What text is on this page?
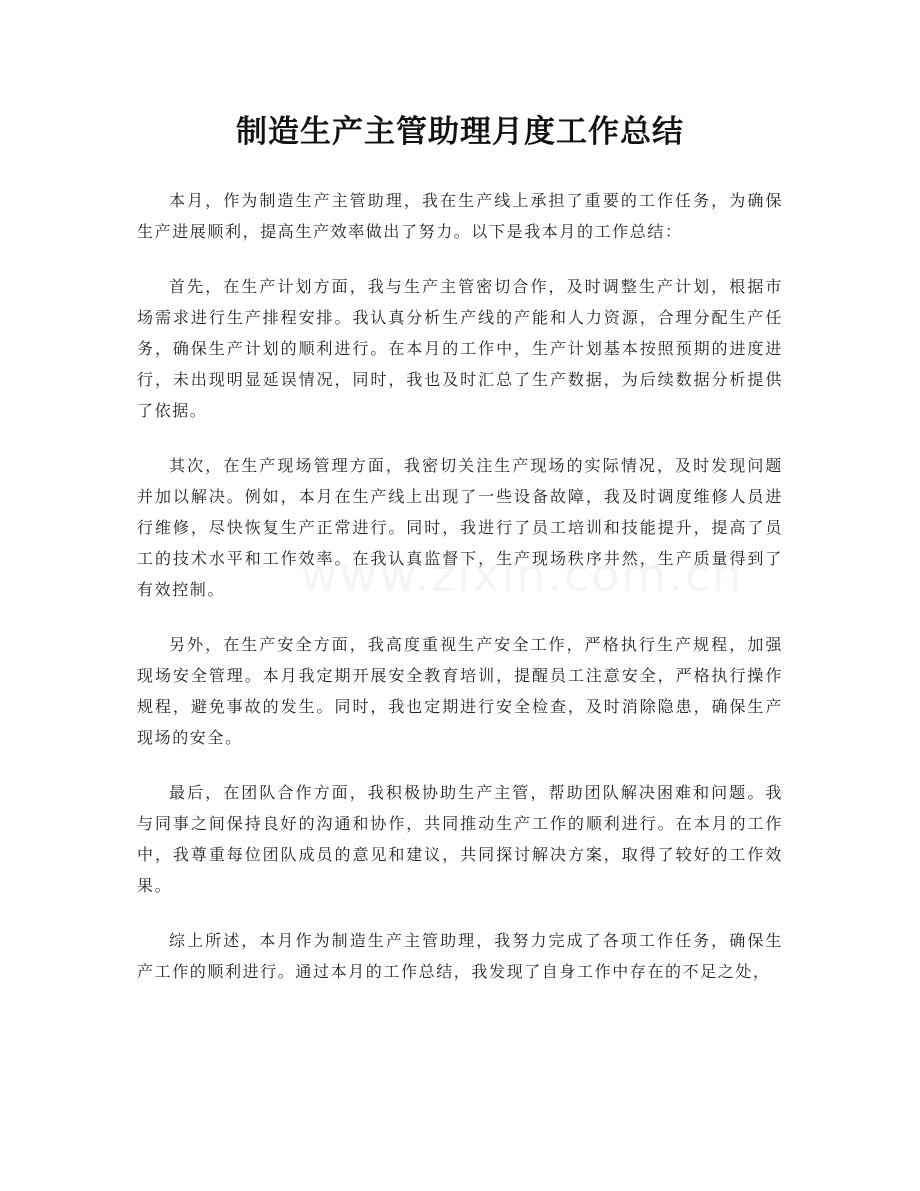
制造生产主管助理月度工作总结

本月，作为制造生产主管助理，我在生产线上承担了重要的工作任务，为确保生产进展顺利，提高生产效率做出了努力。以下是我本月的工作总结：

首先，在生产计划方面，我与生产主管密切合作，及时调整生产计划，根据市场需求进行生产排程安排。我认真分析生产线的产能和人力资源，合理分配生产任务，确保生产计划的顺利进行。在本月的工作中，生产计划基本按照预期的进度进行，未出现明显延误情况，同时，我也及时汇总了生产数据，为后续数据分析提供了依据。

其次，在生产现场管理方面，我密切关注生产现场的实际情况，及时发现问题并加以解决。例如，本月在生产线上出现了一些设备故障，我及时调度维修人员进行维修，尽快恢复生产正常进行。同时，我进行了员工培训和技能提升，提高了员工的技术水平和工作效率。在我认真监督下，生产现场秩序井然，生产质量得到了有效控制。

另外，在生产安全方面，我高度重视生产安全工作，严格执行生产规程，加强现场安全管理。本月我定期开展安全教育培训，提醒员工注意安全，严格执行操作规程，避免事故的发生。同时，我也定期进行安全检查，及时消除隐患，确保生产现场的安全。

最后，在团队合作方面，我积极协助生产主管，帮助团队解决困难和问题。我与同事之间保持良好的沟通和协作，共同推动生产工作的顺利进行。在本月的工作中，我尊重每位团队成员的意见和建议，共同探讨解决方案，取得了较好的工作效果。

综上所述，本月作为制造生产主管助理，我努力完成了各项工作任务，确保生产工作的顺利进行。通过本月的工作总结，我发现了自身工作中存在的不足之处，
